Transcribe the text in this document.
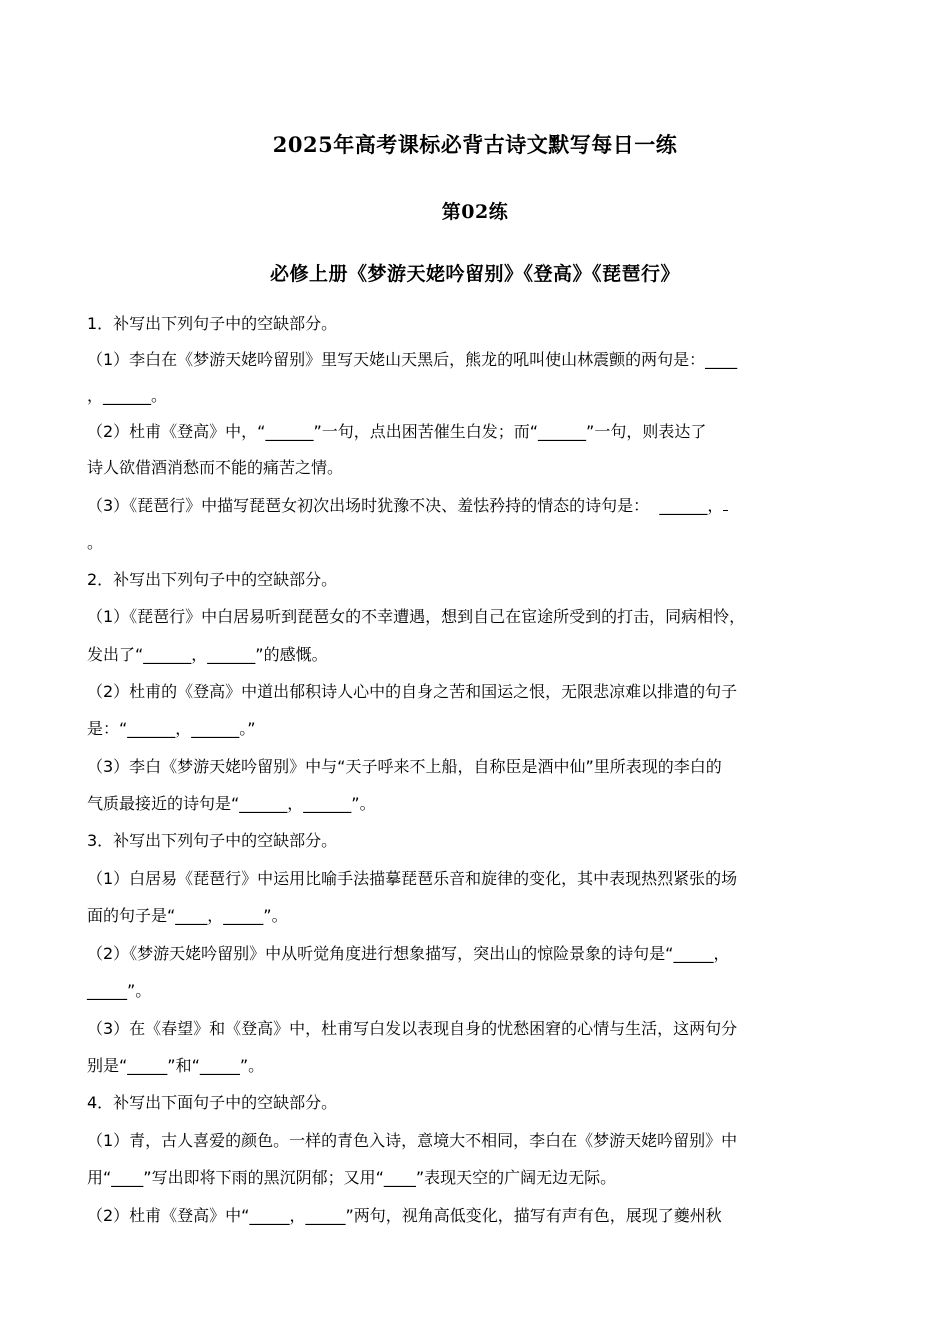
2025年高考课标必背古诗文默写每日一练
第02练
必修上册《梦游天姥吟留别》《登高》《琵琶行》
1．补写出下列句子中的空缺部分。
（1）李白在《梦游天姥吟留别》里写天姥山天黑后，熊龙的吼叫使山林震颤的两句是：____
，______。
（2）杜甫《登高》中，“______”一句，点出困苦催生白发；而“______”一句，则表达了
诗人欲借酒消愁而不能的痛苦之情。
（3）《琵琶行》中描写琵琶女初次出场时犹豫不决、羞怯矜持的情态的诗句是：  ______，
。
2．补写出下列句子中的空缺部分。
（1）《琵琶行》中白居易听到琵琶女的不幸遭遇，想到自己在宦途所受到的打击，同病相怜，
发出了“______，______”的感慨。
（2）杜甫的《登高》中道出郁积诗人心中的自身之苦和国运之恨，无限悲凉难以排遣的句子
是：“______，______。”
（3）李白《梦游天姥吟留别》中与“天子呼来不上船，自称臣是酒中仙”里所表现的李白的
气质最接近的诗句是“______，______”。
3．补写出下列句子中的空缺部分。
（1）白居易《琵琶行》中运用比喻手法描摹琵琶乐音和旋律的变化，其中表现热烈紧张的场
面的句子是“____，_____”。
（2）《梦游天姥吟留别》中从听觉角度进行想象描写，突出山的惊险景象的诗句是“_____，
_____”。
（3）在《春望》和《登高》中，杜甫写白发以表现自身的忧愁困窘的心情与生活，这两句分
别是“_____”和“_____”。
4．补写出下面句子中的空缺部分。
（1）青，古人喜爱的颜色。一样的青色入诗，意境大不相同，李白在《梦游天姥吟留别》中
用“____”写出即将下雨的黑沉阴郁；又用“____”表现天空的广阔无边无际。
（2）杜甫《登高》中“_____，_____”两句，视角高低变化，描写有声有色，展现了夔州秋
